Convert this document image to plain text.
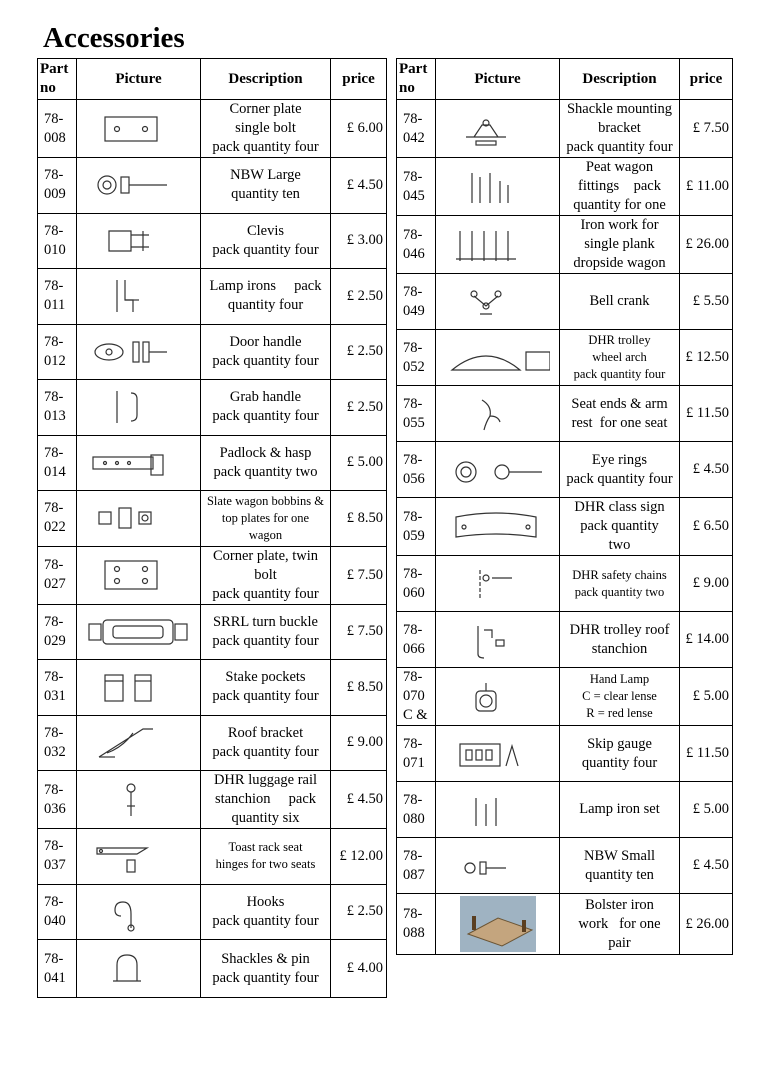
Accessories
Part
no	Picture	Description	price

78-
008		Corner plate
single bolt
pack quantity four	£ 6.00

78-
009		NBW Large
quantity ten	£ 4.50

78-
010		Clevis
pack quantity four	£ 3.00

78-
011		Lamp irons     pack
quantity four	£ 2.50

78-
012		Door handle
pack quantity four	£ 2.50

78-
013		Grab handle
pack quantity four	£ 2.50

78-
014		Padlock & hasp
pack quantity two	£ 5.00

78-
022		Slate wagon bobbins &
top plates for one
wagon	£ 8.50

78-
027		Corner plate, twin
bolt
pack quantity four	£ 7.50

78-
029		SRRL turn buckle
pack quantity four	£ 7.50

78-
031		Stake pockets
pack quantity four	£ 8.50

78-
032		Roof bracket
pack quantity four	£ 9.00

78-
036		DHR luggage rail
stanchion     pack
quantity six	£ 4.50

78-
037		Toast rack seat
hinges for two seats	£ 12.00

78-
040		Hooks
pack quantity four	£ 2.50

78-
041		Shackles & pin
pack quantity four	£ 4.00
Part
no	Picture	Description	price

78-
042		Shackle mounting
bracket
pack quantity four	£ 7.50

78-
045		Peat wagon
fittings    pack
quantity for one	£ 11.00

78-
046		Iron work for
single plank
dropside wagon	£ 26.00

78-
049		Bell crank	£ 5.50

78-
052		DHR trolley
wheel arch
pack quantity four	£ 12.50

78-
055		Seat ends & arm
rest  for one seat	£ 11.50

78-
056		Eye rings
pack quantity four	£ 4.50

78-
059		DHR class sign
pack quantity
two	£ 6.50

78-
060		DHR safety chains
pack quantity two	£ 9.00

78-
066		DHR trolley roof
stanchion	£ 14.00

78-
070
C &		Hand Lamp
C = clear lense
R = red lense	£ 5.00

78-
071		Skip gauge
quantity four	£ 11.50

78-
080		Lamp iron set	£ 5.00

78-
087		NBW Small
quantity ten	£ 4.50

78-
088		Bolster iron
work   for one
pair	£ 26.00
